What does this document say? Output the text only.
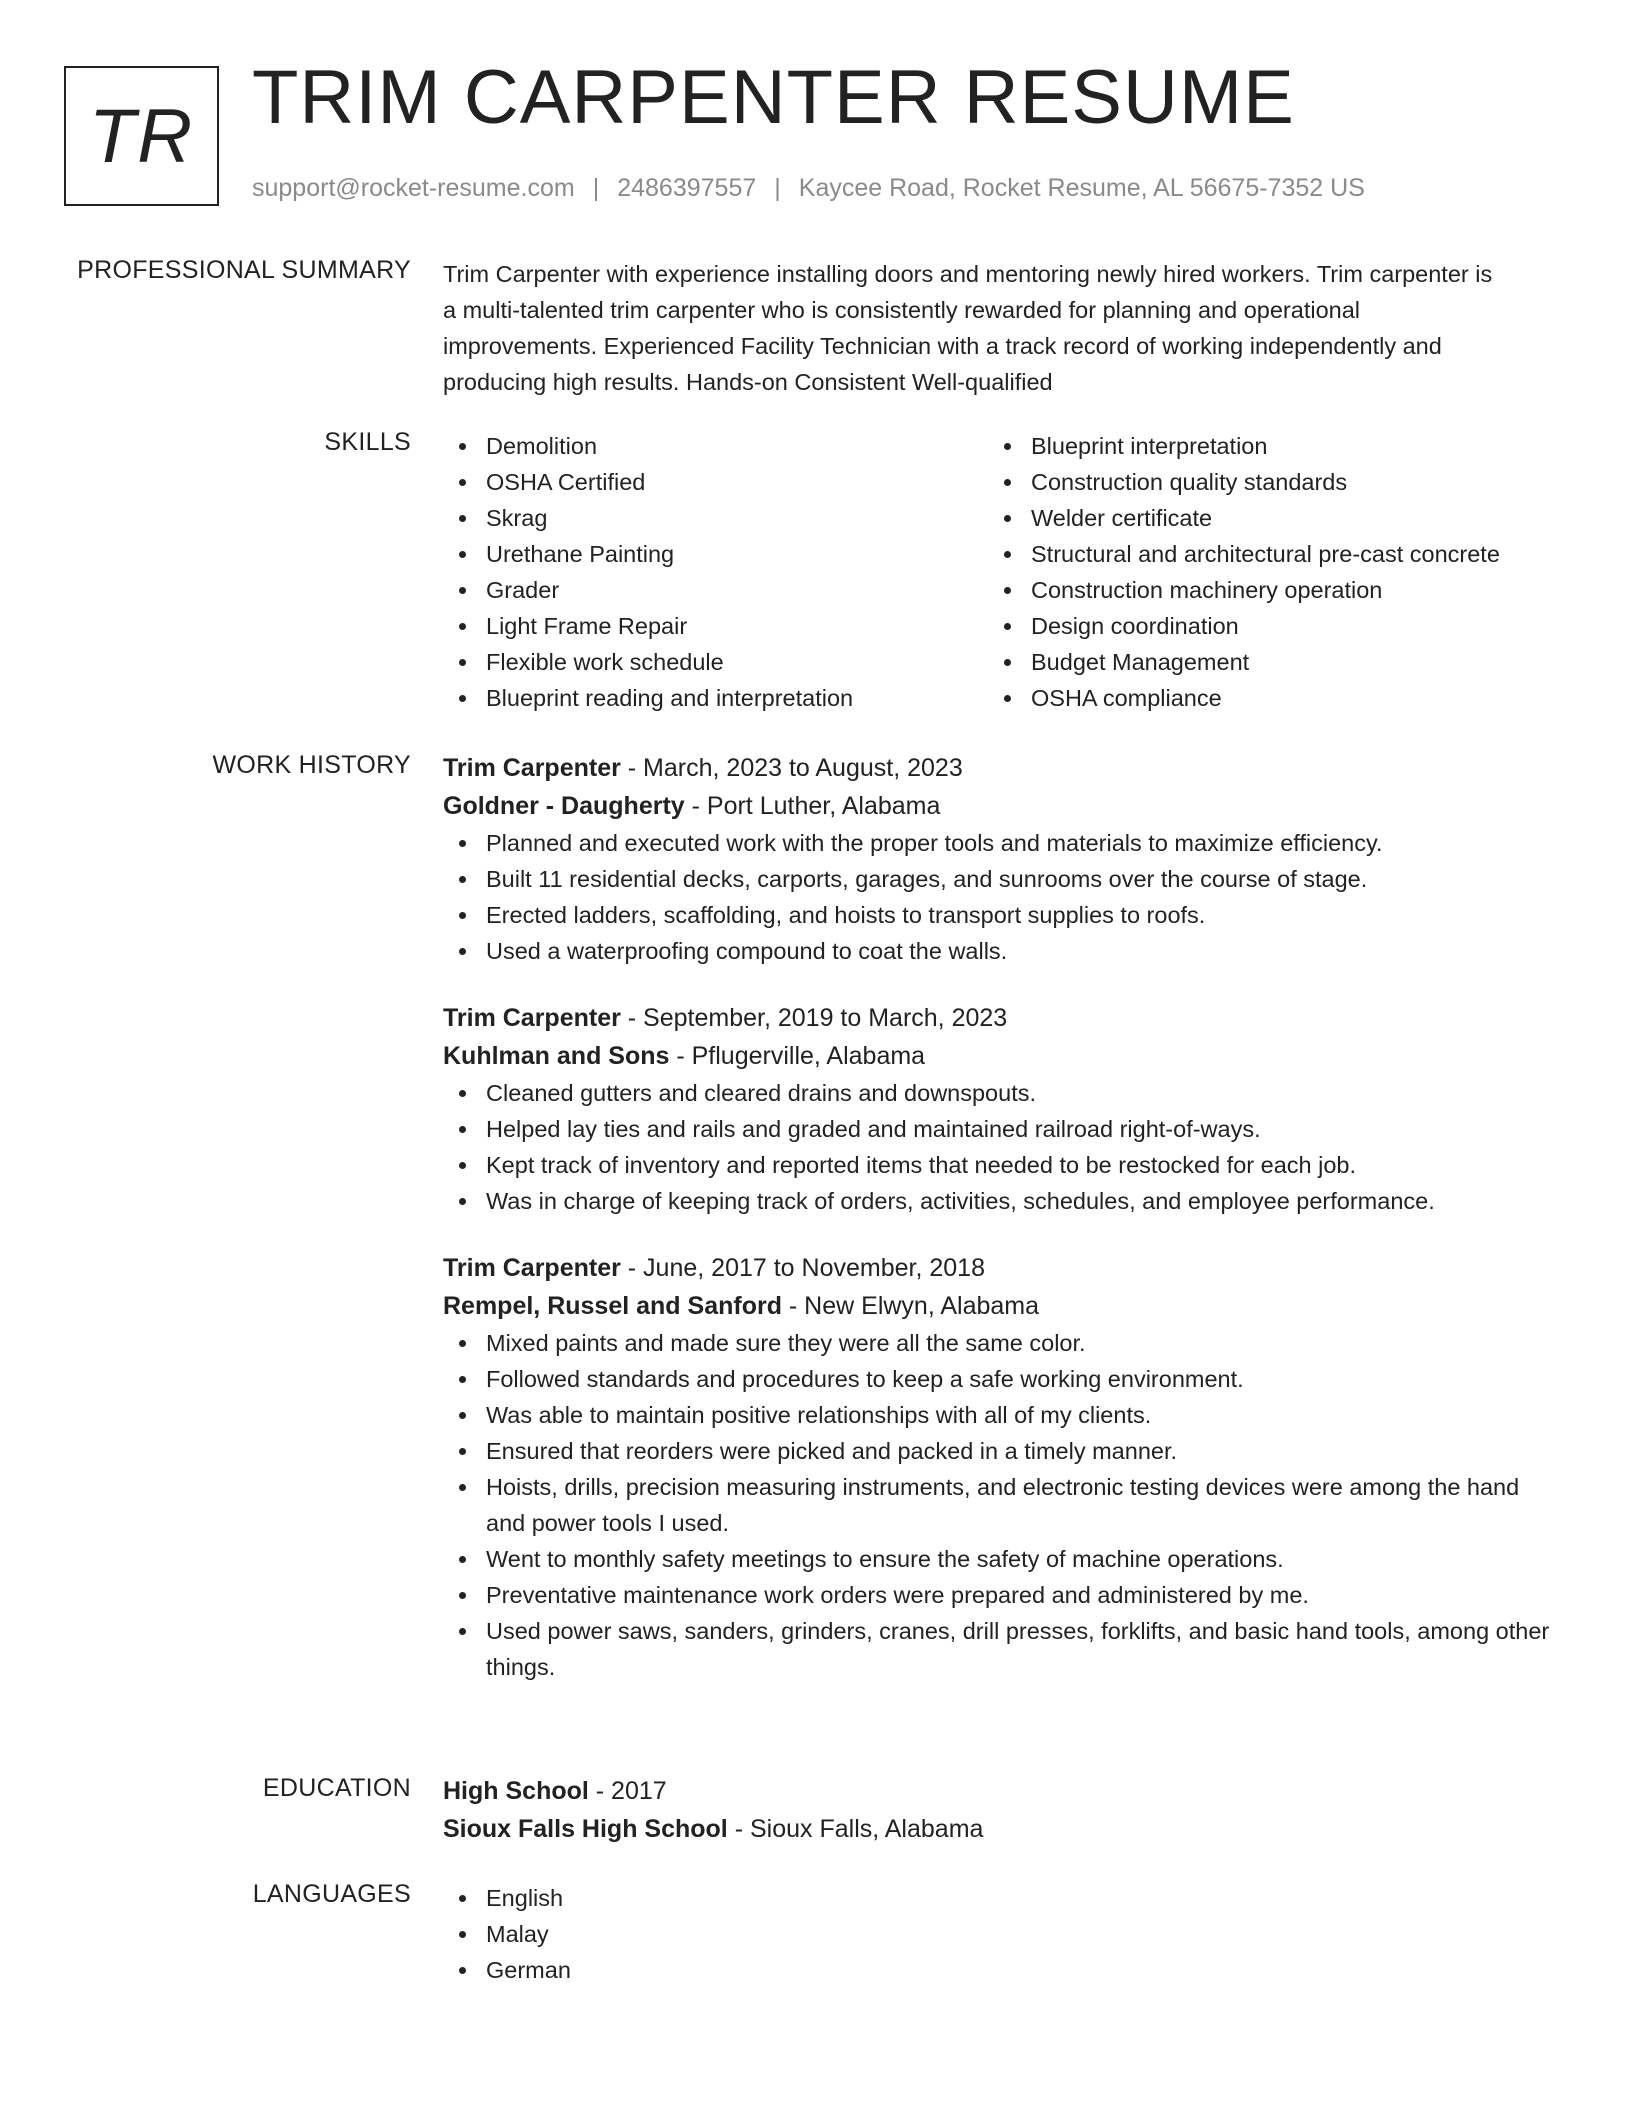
TR TRIM CARPENTER RESUME
support@rocket-resume.com | 2486397557 | Kaycee Road, Rocket Resume, AL 56675-7352 US
PROFESSIONAL SUMMARY Trim Carpenter with experience installing doors and mentoring newly hired workers. Trim carpenter is
a multi-talented trim carpenter who is consistently rewarded for planning and operational
improvements. Experienced Facility Technician with a track record of working independently and
producing high results. Hands-on Consistent Well-qualified
SKILLS	Demolition
OSHA Certified
Skrag
Urethane Painting
Grader
Light Frame Repair
Flexible work schedule
Blueprint reading and interpretation
Blueprint interpretation
Construction quality standards
Welder certificate
Structural and architectural pre-cast concrete
Construction machinery operation
Design coordination
Budget Management
OSHA compliance
WORK HISTORY Trim Carpenter - March, 2023 to August, 2023
Goldner - Daugherty - Port Luther, Alabama
Planned and executed work with the proper tools and materials to maximize efficiency.
Built 11 residential decks, carports, garages, and sunrooms over the course of stage.
Erected ladders, scaffolding, and hoists to transport supplies to roofs.
Used a waterproofing compound to coat the walls.
Trim Carpenter - September, 2019 to March, 2023
Kuhlman and Sons - Pflugerville, Alabama
Cleaned gutters and cleared drains and downspouts.
Helped lay ties and rails and graded and maintained railroad right-of-ways.
Kept track of inventory and reported items that needed to be restocked for each job.
Was in charge of keeping track of orders, activities, schedules, and employee performance.
Trim Carpenter - June, 2017 to November, 2018
Rempel, Russel and Sanford - New Elwyn, Alabama
Mixed paints and made sure they were all the same color.
Followed standards and procedures to keep a safe working environment.
Was able to maintain positive relationships with all of my clients.
Ensured that reorders were picked and packed in a timely manner.
Hoists, drills, precision measuring instruments, and electronic testing devices were among the hand and power tools I used.
Went to monthly safety meetings to ensure the safety of machine operations.
Preventative maintenance work orders were prepared and administered by me.
Used power saws, sanders, grinders, cranes, drill presses, forklifts, and basic hand tools, among other things.
EDUCATION High School - 2017
Sioux Falls High School - Sioux Falls, Alabama
LANGUAGES	English
Malay
German
